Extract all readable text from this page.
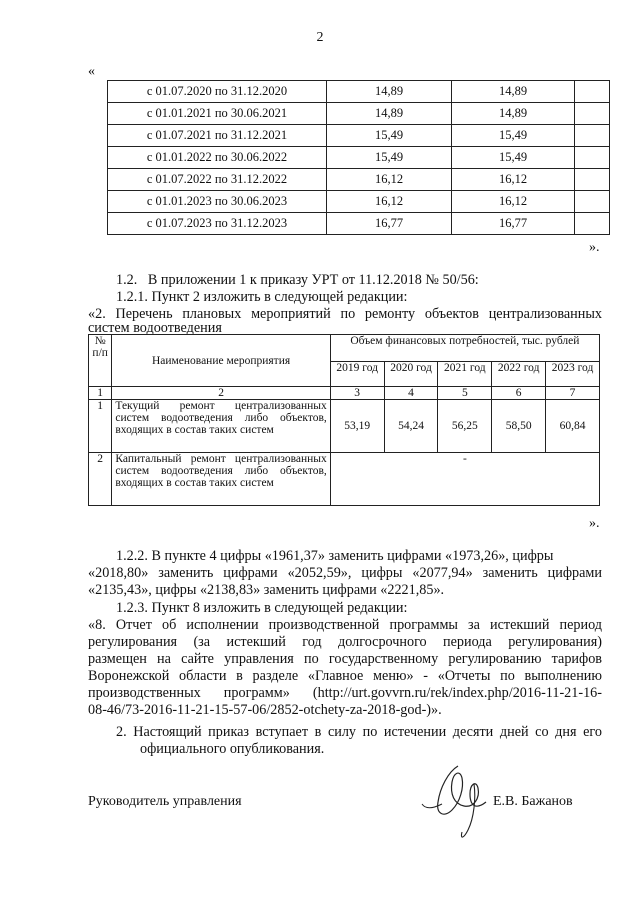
2
«
с 01.07.2020 по 31.12.2020	14,89	14,89	
с 01.01.2021 по 30.06.2021	14,89	14,89	
с 01.07.2021 по 31.12.2021	15,49	15,49	
с 01.01.2022 по 30.06.2022	15,49	15,49	
с 01.07.2022 по 31.12.2022	16,12	16,12	
с 01.01.2023 по 30.06.2023	16,12	16,12	
с 01.07.2023 по 31.12.2023	16,77	16,77	
».
1.2.   В приложении 1 к приказу УРТ от 11.12.2018 № 50/56:
1.2.1. Пункт 2 изложить в следующей редакции:
«2. Перечень плановых мероприятий по ремонту объектов централизованных
систем водоотведения
№ п/п	Наименование мероприятия	Объем финансовых потребностей, тыс. рублей				
		2019 год	2020 год	2021 год	2022 год	2023 год
1	2	3	4	5	6	7
1	Текущий ремонт централизованных систем водоотведения либо объектов, входящих в состав таких систем	53,19	54,24	56,25	58,50	60,84
2	Капитальный ремонт централизованных систем водоотведения либо объектов, входящих в состав таких систем	-				
».
1.2.2. В пункте 4 цифры «1961,37» заменить цифрами «1973,26», цифры
«2018,80» заменить цифрами «2052,59», цифры «2077,94» заменить цифрами
«2135,43», цифры «2138,83» заменить цифрами «2221,85».
1.2.3. Пункт 8 изложить в следующей редакции:
«8. Отчет об исполнении производственной программы за истекший период
регулирования (за истекший год долгосрочного периода регулирования)
размещен на сайте управления по государственному регулированию тарифов
Воронежской области в разделе «Главное меню» - «Отчеты по выполнению
производственных программ» (http://urt.govvrn.ru/rek/index.php/2016-11-21-16-
08-46/73-2016-11-21-15-57-06/2852-otchety-za-2018-god-)».
2. Настоящий приказ вступает в силу по истечении десяти дней со дня его
официального опубликования.
Руководитель управления	Е.В. Бажанов
